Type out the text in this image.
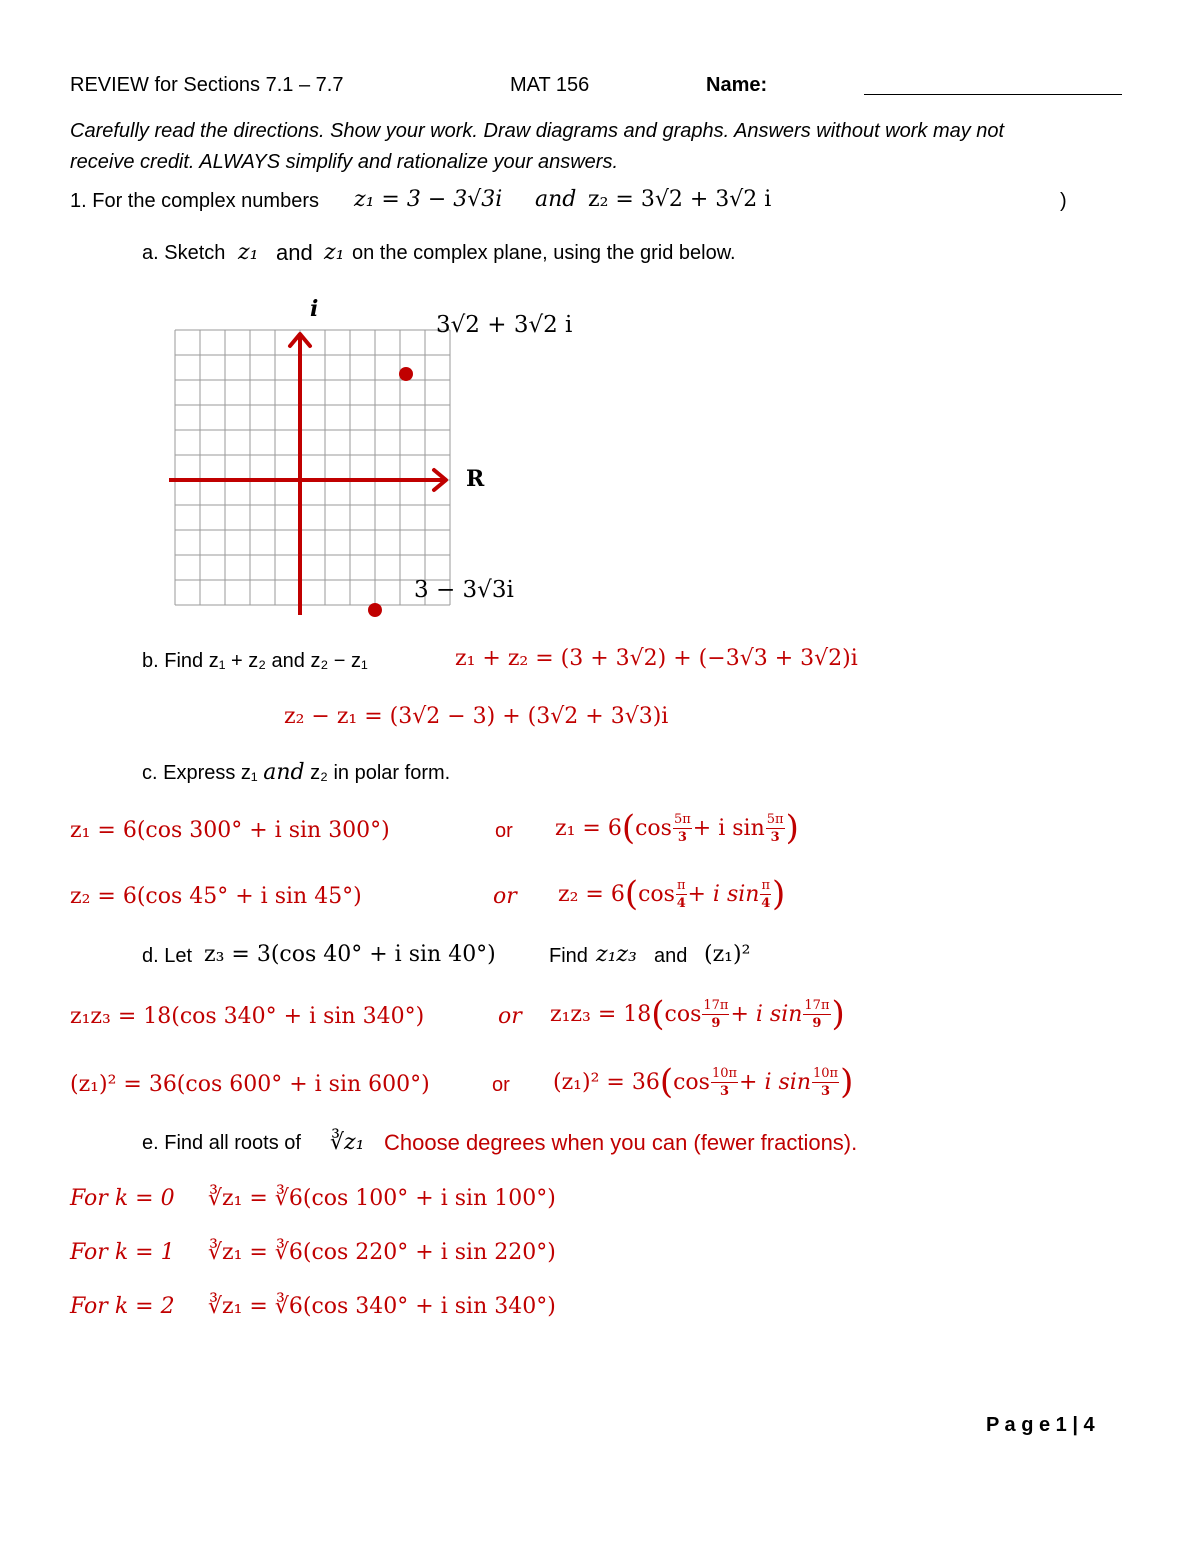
REVIEW for Sections 7.1 – 7.7	MAT 156	Name:
Carefully read the directions. Show your work. Draw diagrams and graphs. Answers without work may not
receive credit. ALWAYS simplify and rationalize your answers.
1. For the complex numbers z₁ = 3 − 3√3i and z₂ = 3√2 + 3√2 i	)
a. Sketch z₁ and z₁ on the complex plane, using the grid below.
i
R
3√2 + 3√2 i
3 − 3√3i
b. Find z₁ + z₂ and z₂ − z₁	z₁ + z₂ = (3 + 3√2) + (−3√3 + 3√2)i
z₂ − z₁ = (3√2 − 3) + (3√2 + 3√3)i
c. Express z₁ and z₂ in polar form.
z₁ = 6(cos 300° + i sin 300°)	or z₁ = 6 ( $\cos \frac{5\pi}{3} + i$ $\sin \frac{5\pi}{3}$ )
z₂ = 6(cos 45° + i sin 45°)	or z₂ = 6 ( $\cos \frac{\pi}{4} + i$ $\sin \frac{\pi}{4}$ )
d. Let z₃ = 3(cos 40° + i sin 40°)	Find z₁z₃ and (z₁)²
z₁z₃ = 18(cos 340° + i sin 340°)	or z₁z₃ = 18 ( $\cos \frac{17\pi}{9} + i$ $\sin \frac{17\pi}{9}$ )
(z₁)² = 36(cos 600° + i sin 600°)	or (z₁)² = 36 ( $\cos \frac{10\pi}{3} + i$ $\sin \frac{10\pi}{3}$ )
e. Find all roots of ∛z₁ Choose degrees when you can (fewer fractions).
For k = 0 ∛z₁ = ∛6(cos 100° + i sin 100°)
For k = 1 ∛z₁ = ∛6(cos 220° + i sin 220°)
For k = 2 ∛z₁ = ∛6(cos 340° + i sin 340°)
P a g e 1 | 4
